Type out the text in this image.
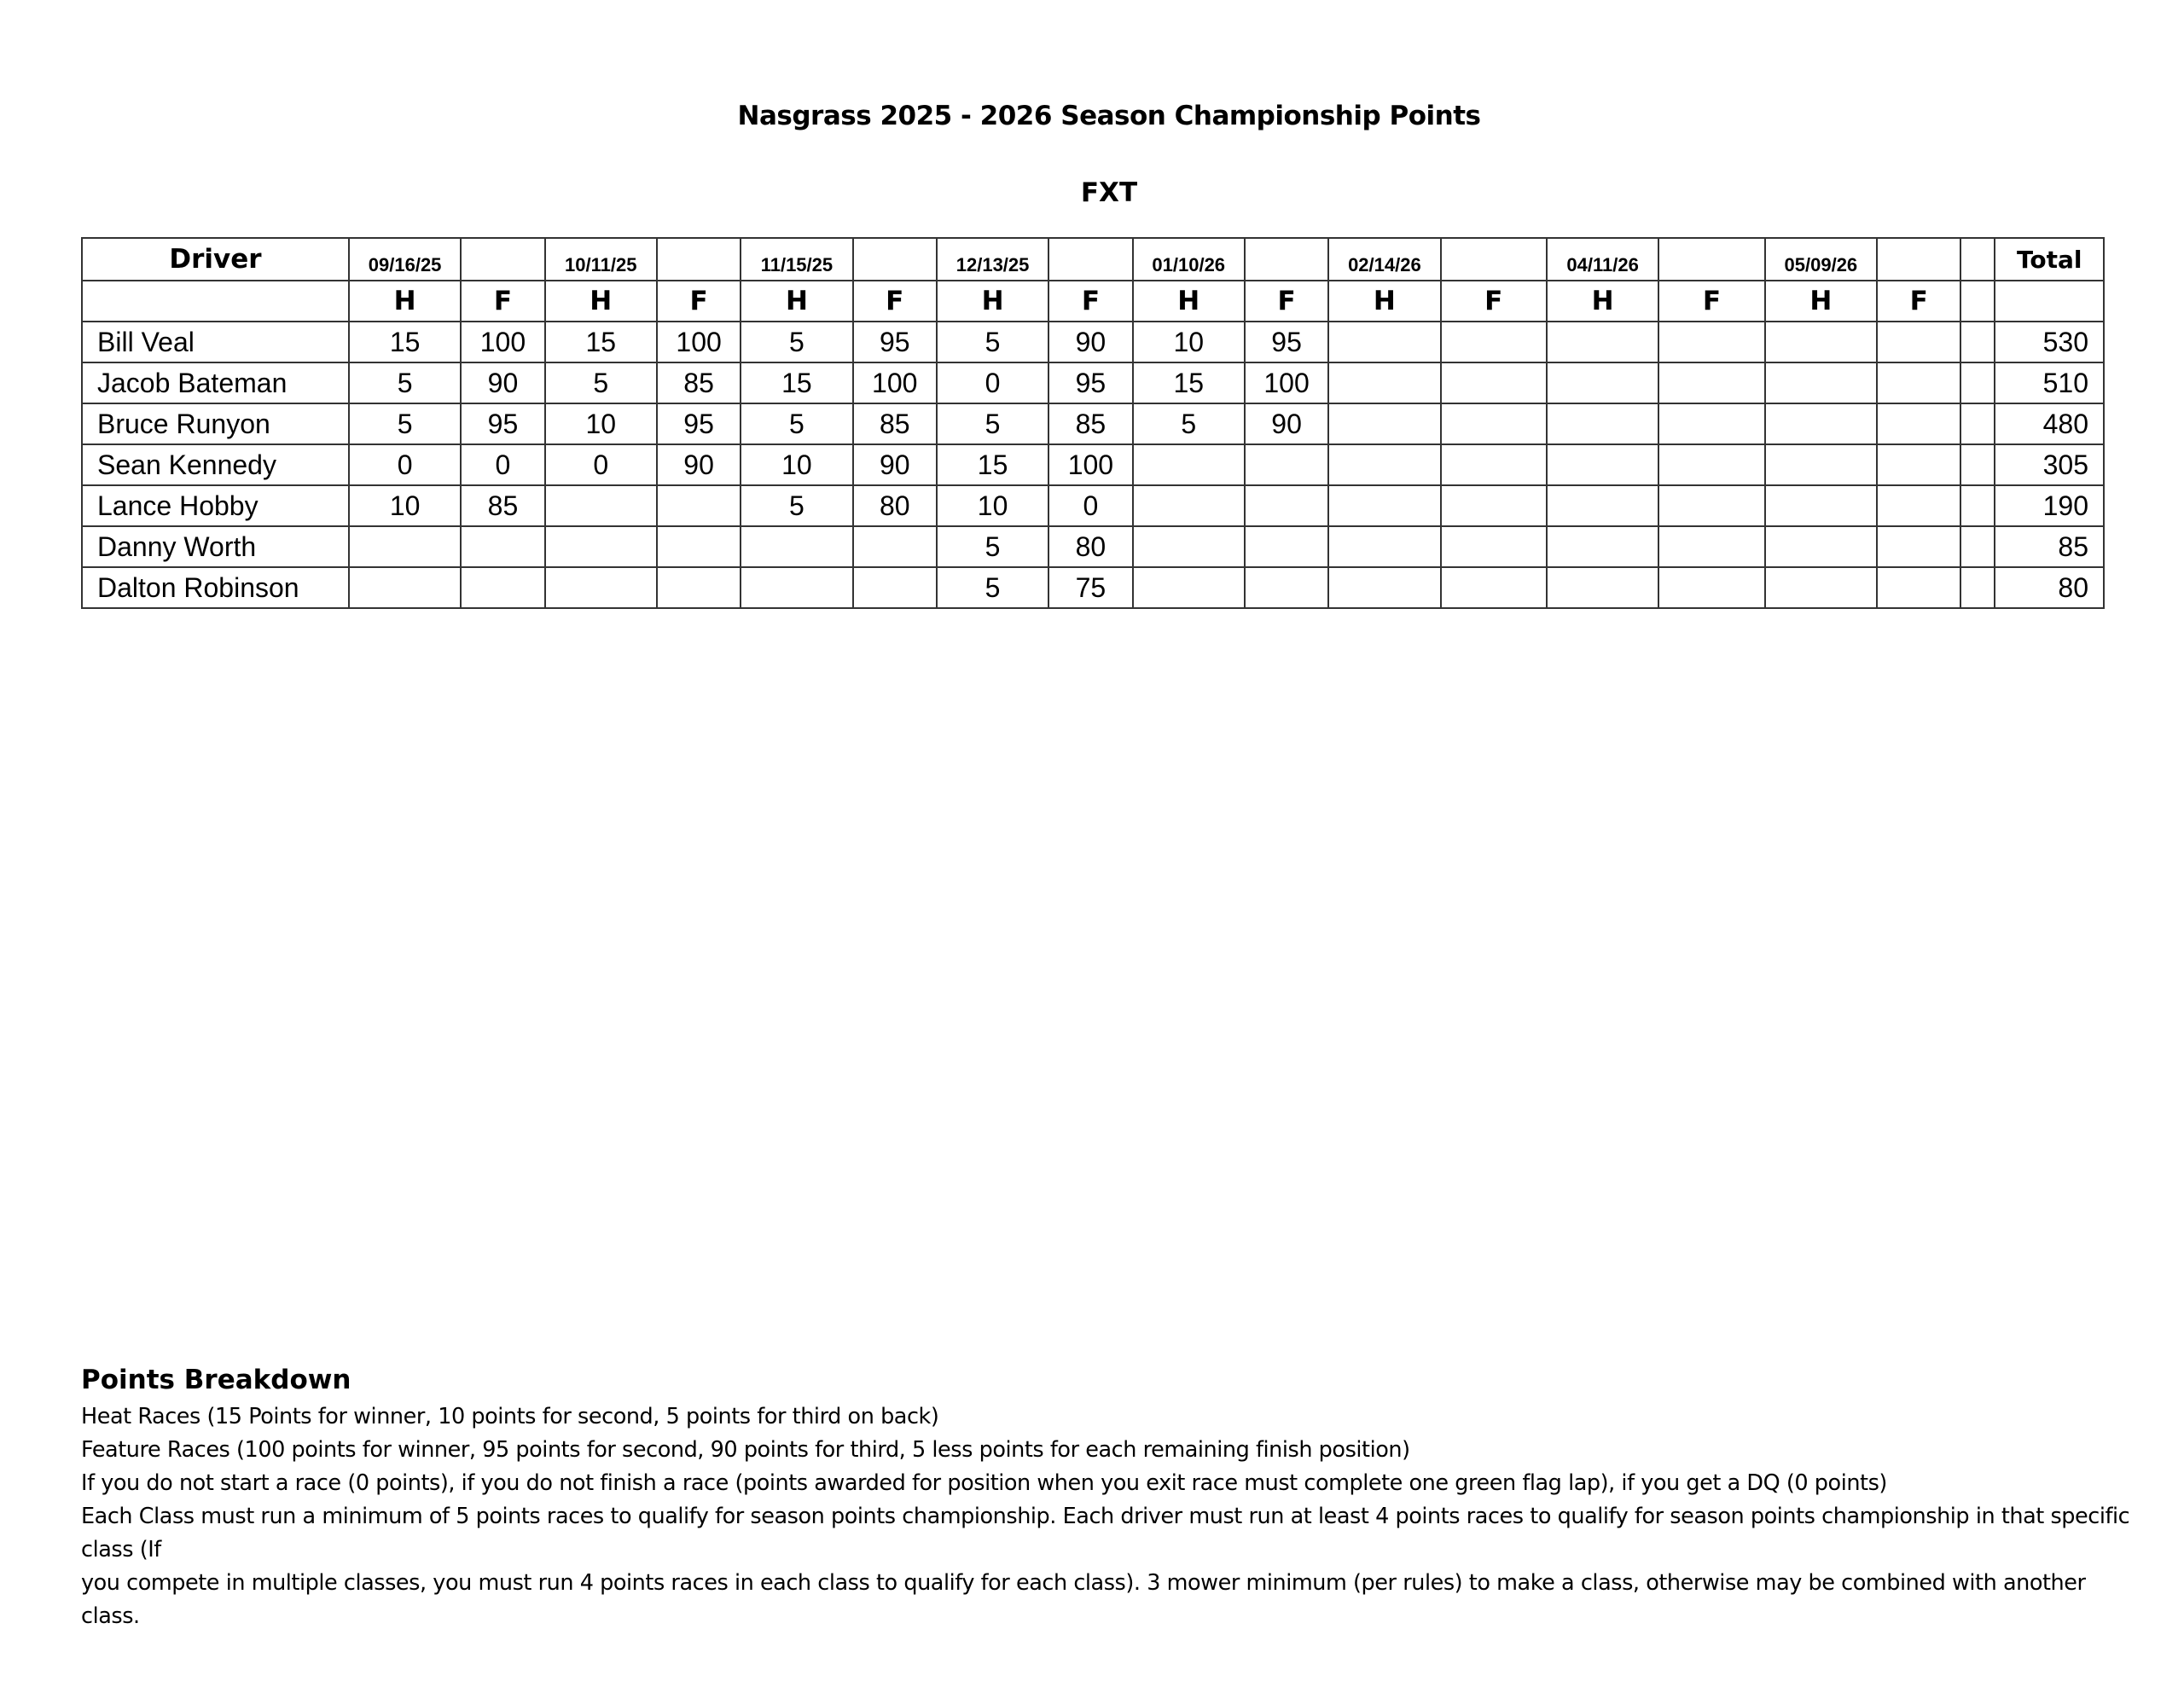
Nasgrass 2025 - 2026 Season Championship Points
FXT
Driver	09/16/25		10/11/25		11/15/25		12/13/25		01/10/26		02/14/26		04/11/26		05/09/26			Total
	H	F	H	F	H	F	H	F	H	F	H	F	H	F	H	F		
Bill Veal	15	100	15	100	5	95	5	90	10	95								530
Jacob Bateman	5	90	5	85	15	100	0	95	15	100								510
Bruce Runyon	5	95	10	95	5	85	5	85	5	90								480
Sean Kennedy	0	0	0	90	10	90	15	100										305
Lance Hobby	10	85			5	80	10	0										190
Danny Worth							5	80										85
Dalton Robinson							5	75										80
Points Breakdown
Heat Races (15 Points for winner, 10 points for second, 5 points for third on back)
Feature Races (100 points for winner, 95 points for second, 90 points for third, 5 less points for each remaining finish position)
If you do not start a race (0 points), if you do not finish a race (points awarded for position when you exit race must complete one green flag lap), if you get a DQ (0 points)
Each Class must run a minimum of 5 points races to qualify for season points championship. Each driver must run at least 4 points races to qualify for season points championship in that specific class (If
you compete in multiple classes, you must run 4 points races in each class to qualify for each class). 3 mower minimum (per rules) to make a class, otherwise may be combined with another class.
